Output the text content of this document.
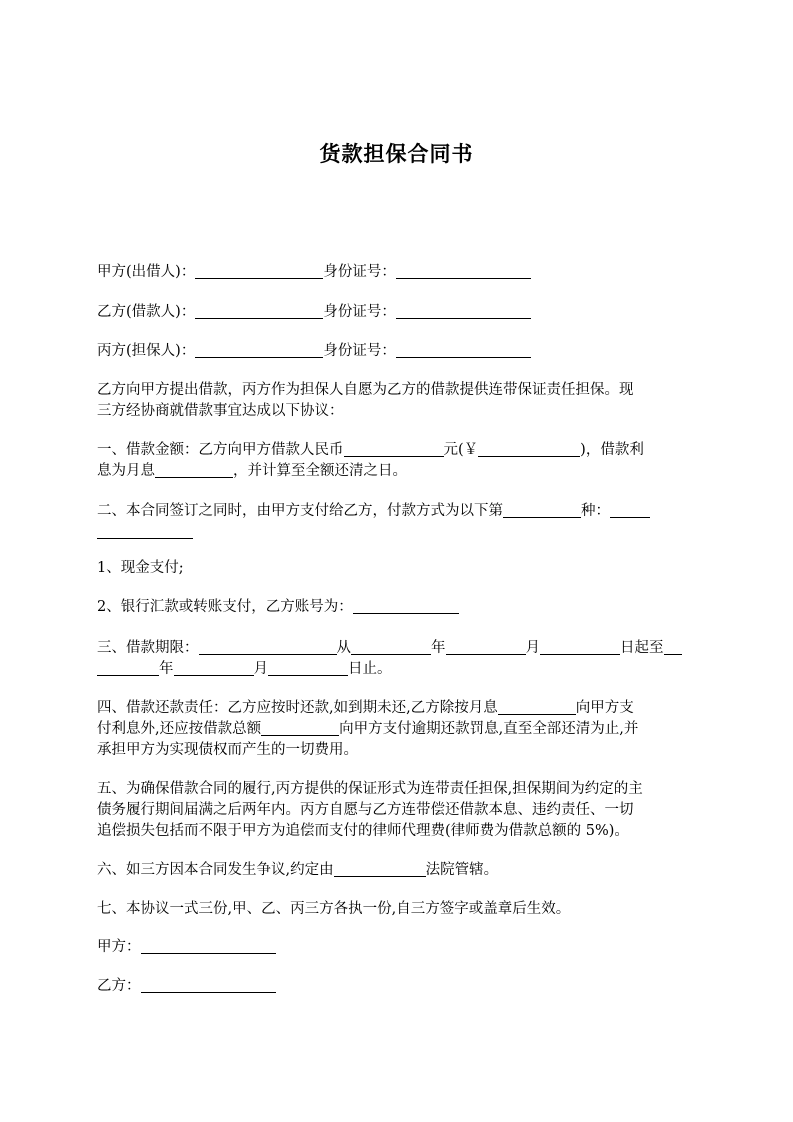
货款担保合同书
甲方(出借人)：	身份证号：
乙方(借款人)：	身份证号：
丙方(担保人)：	身份证号：
乙方向甲方提出借款，丙方作为担保人自愿为乙方的借款提供连带保证责任担保。现
三方经协商就借款事宜达成以下协议：
一、借款金额：乙方向甲方借款人民币	元(￥	)，借款利
息为月息	，并计算至全额还清之日。
二、本合同签订之同时，由甲方支付给乙方，付款方式为以下第	种：
1、现金支付;
2、银行汇款或转账支付，乙方账号为：
三、借款期限：	从	年	月	日起至
年	月	日止。
四、借款还款责任：乙方应按时还款,如到期未还,乙方除按月息	向甲方支
付利息外,还应按借款总额	向甲方支付逾期还款罚息,直至全部还清为止,并
承担甲方为实现债权而产生的一切费用。
五、为确保借款合同的履行,丙方提供的保证形式为连带责任担保,担保期间为约定的主
债务履行期间届满之后两年内。丙方自愿与乙方连带偿还借款本息、违约责任、一切
追偿损失包括而不限于甲方为追偿而支付的律师代理费(律师费为借款总额的 5%)。
六、如三方因本合同发生争议,约定由	法院管辖。
七、本协议一式三份,甲、乙、丙三方各执一份,自三方签字或盖章后生效。
甲方：
乙方：
